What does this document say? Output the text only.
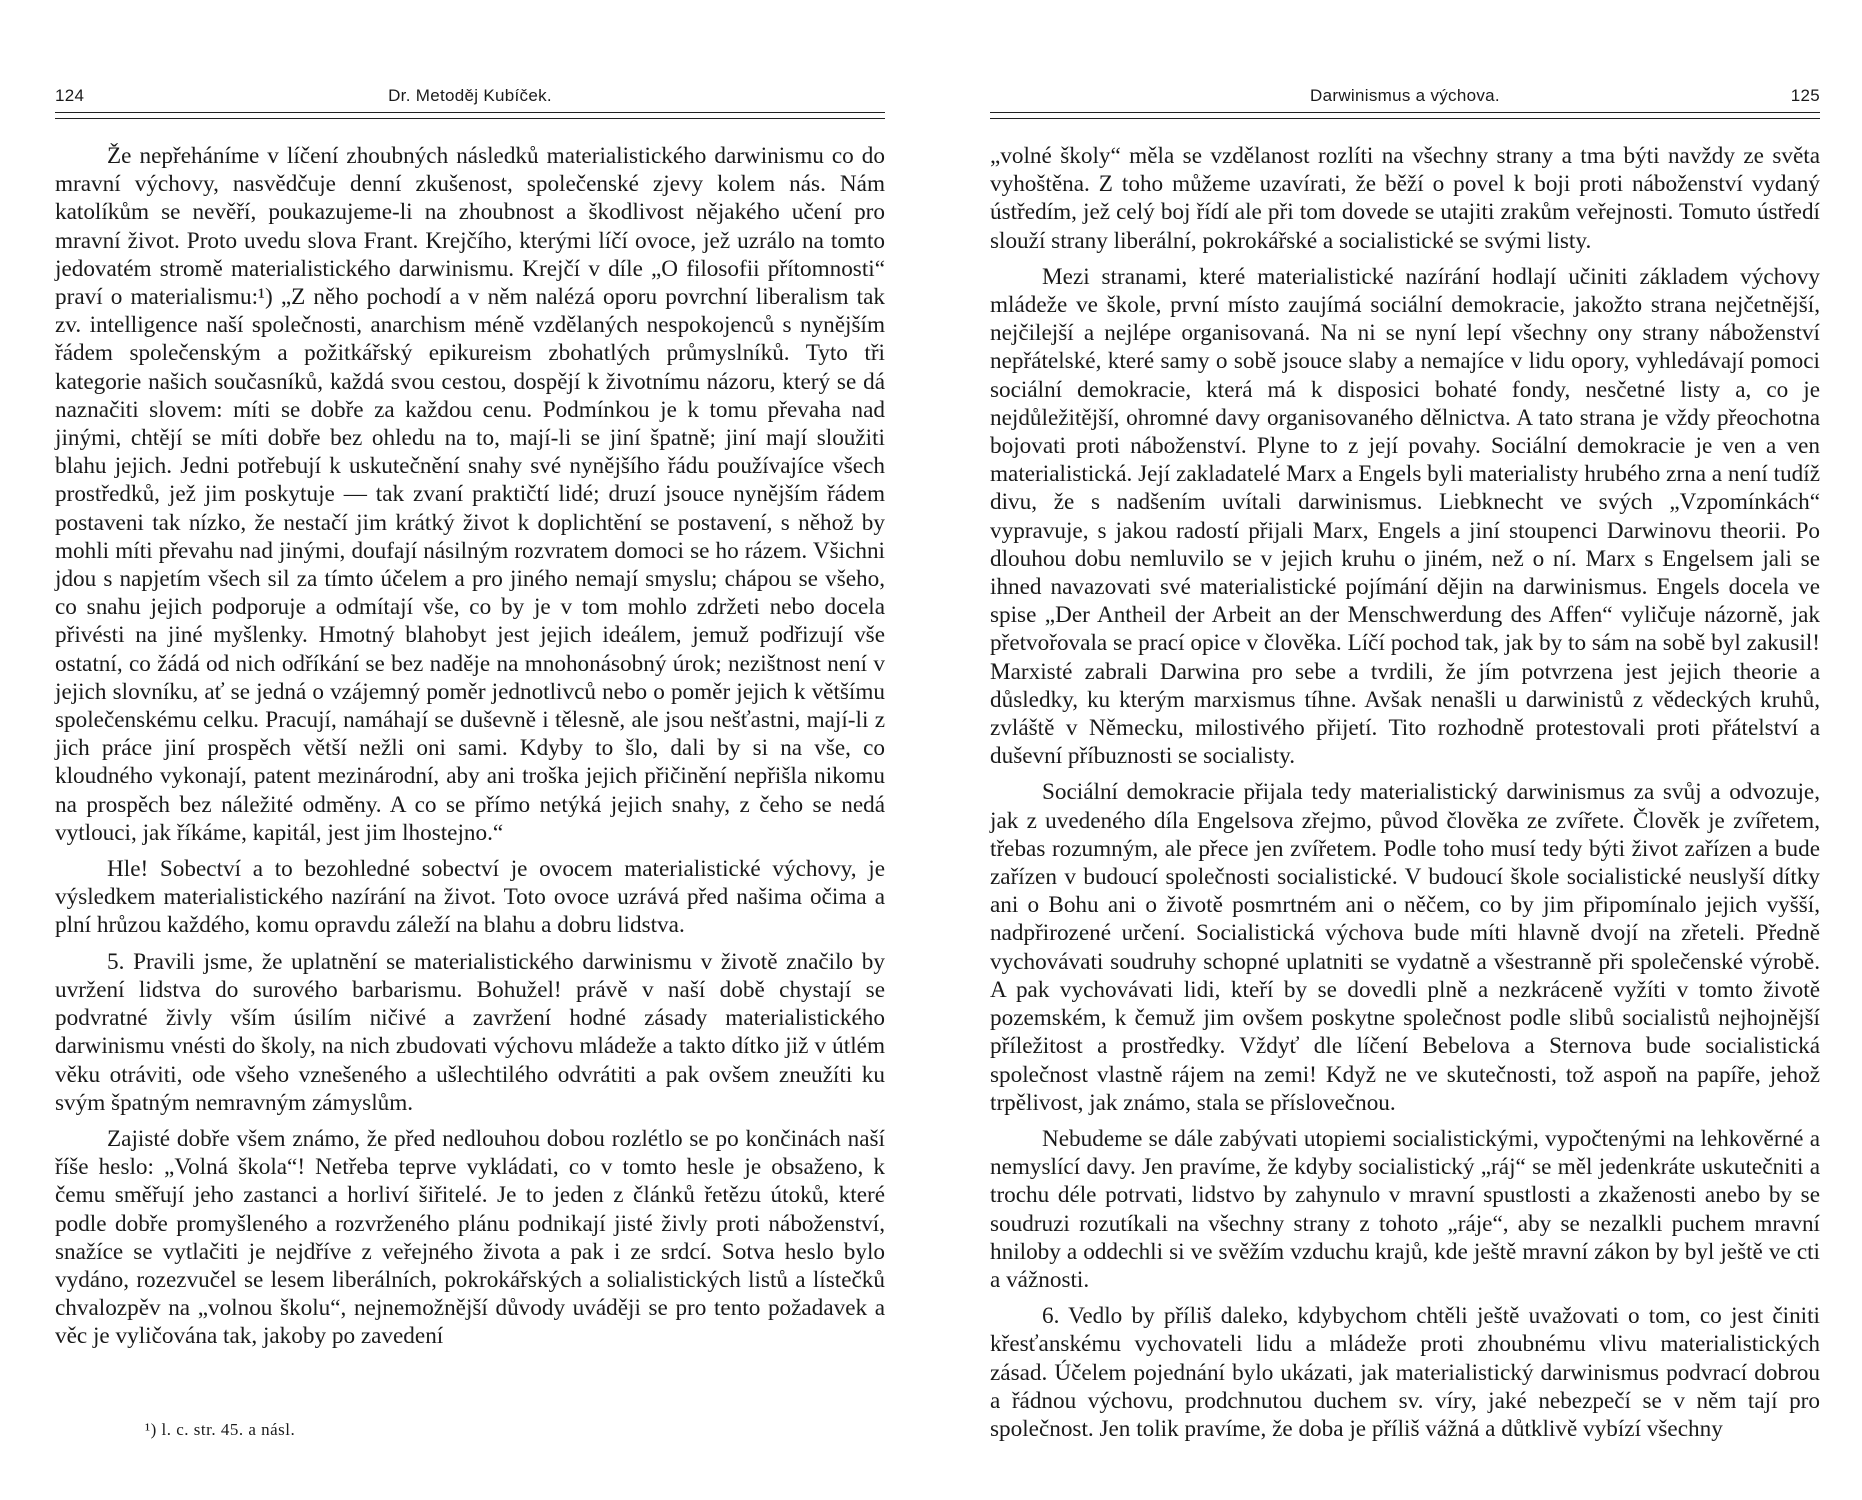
124	Dr. Metoděj Kubíček.

Že nepřeháníme v líčení zhoubných následků materialistického darwinismu co do mravní výchovy, nasvědčuje denní zkušenost, společenské zjevy kolem nás. Nám katolíkům se nevěří, poukazujeme-li na zhoubnost a škodlivost nějakého učení pro mravní život. Proto uvedu slova Frant. Krejčího, kterými líčí ovoce, jež uzrálo na tomto jedovatém stromě materialistického darwinismu. Krejčí v díle „O filosofii přítomnosti“ praví o materialismu:¹) „Z něho pochodí a v něm nalézá oporu povrchní liberalism tak zv. intelligence naší společnosti, anarchism méně vzdělaných nespokojenců s nynějším řádem společenským a požitkářský epikureism zbohatlých průmyslníků. Tyto tři kategorie našich současníků, každá svou cestou, dospějí k životnímu názoru, který se dá naznačiti slovem: míti se dobře za každou cenu. Podmínkou je k tomu převaha nad jinými, chtějí se míti dobře bez ohledu na to, mají-li se jiní špatně; jiní mají sloužiti blahu jejich. Jedni potřebují k uskutečnění snahy své nynějšího řádu používajíce všech prostředků, jež jim poskytuje — tak zvaní praktičtí lidé; druzí jsouce nynějším řádem postaveni tak nízko, že nestačí jim krátký život k doplichtění se postavení, s něhož by mohli míti převahu nad jinými, doufají násilným rozvratem domoci se ho rázem. Všichni jdou s napjetím všech sil za tímto účelem a pro jiného nemají smyslu; chápou se všeho, co snahu jejich podporuje a odmítají vše, co by je v tom mohlo zdržeti nebo docela přivésti na jiné myšlenky. Hmotný blahobyt jest jejich ideálem, jemuž podřizují vše ostatní, co žádá od nich odříkání se bez naděje na mnohonásobný úrok; nezištnost není v jejich slovníku, ať se jedná o vzájemný poměr jednotlivců nebo o poměr jejich k většímu společenskému celku. Pracují, namáhají se duševně i tělesně, ale jsou nešťastni, mají-li z jich práce jiní prospěch větší nežli oni sami. Kdyby to šlo, dali by si na vše, co kloudného vykonají, patent mezinárodní, aby ani troška jejich přičinění nepřišla nikomu na prospěch bez náležité odměny. A co se přímo netýká jejich snahy, z čeho se nedá vytlouci, jak říkáme, kapitál, jest jim lhostejno.“

Hle! Sobectví a to bezohledné sobectví je ovocem materialistické výchovy, je výsledkem materialistického nazírání na život. Toto ovoce uzrává před našima očima a plní hrůzou každého, komu opravdu záleží na blahu a dobru lidstva.

5. Pravili jsme, že uplatnění se materialistického darwinismu v životě značilo by uvržení lidstva do surového barbarismu. Bohužel! právě v naší době chystají se podvratné živly vším úsilím ničivé a zavržení hodné zásady materialistického darwinismu vnésti do školy, na nich zbudovati výchovu mládeže a takto dítko již v útlém věku otráviti, ode všeho vznešeného a ušlechtilého odvrátiti a pak ovšem zneužíti ku svým špatným nemravným zámyslům.

Zajisté dobře všem známo, že před nedlouhou dobou rozlétlo se po končinách naší říše heslo: „Volná škola“! Netřeba teprve vykládati, co v tomto hesle je obsaženo, k čemu směřují jeho zastanci a horliví šiřitelé. Je to jeden z článků řetězu útoků, které podle dobře promyšleného a rozvrženého plánu podnikají jisté živly proti náboženství, snažíce se vytlačiti je nejdříve z veřejného života a pak i ze srdcí. Sotva heslo bylo vydáno, rozezvučel se lesem liberálních, pokrokářských a solialistických listů a lístečků chvalozpěv na „volnou školu“, nejnemožnější důvody uváději se pro tento požadavek a věc je vyličována tak, jakoby po zavedení

¹) l. c. str. 45. a násl.
Darwinismus a výchova.	125

„volné školy“ měla se vzdělanost rozlíti na všechny strany a tma býti navždy ze světa vyhoštěna. Z toho můžeme uzavírati, že běží o povel k boji proti náboženství vydaný ústředím, jež celý boj řídí ale při tom dovede se utajiti zrakům veřejnosti. Tomuto ústředí slouží strany liberální, pokrokářské a socialistické se svými listy.

Mezi stranami, které materialistické nazírání hodlají učiniti základem výchovy mládeže ve škole, první místo zaujímá sociální demokracie, jakožto strana nejčetnější, nejčilejší a nejlépe organisovaná. Na ni se nyní lepí všechny ony strany náboženství nepřátelské, které samy o sobě jsouce slaby a nemajíce v lidu opory, vyhledávají pomoci sociální demokracie, která má k disposici bohaté fondy, nesčetné listy a, co je nejdůležitější, ohromné davy organisovaného dělnictva. A tato strana je vždy přeochotna bojovati proti náboženství. Plyne to z její povahy. Sociální demokracie je ven a ven materialistická. Její zakladatelé Marx a Engels byli materialisty hrubého zrna a není tudíž divu, že s nadšením uvítali darwinismus. Liebknecht ve svých „Vzpomínkách“ vypravuje, s jakou radostí přijali Marx, Engels a jiní stoupenci Darwinovu theorii. Po dlouhou dobu nemluvilo se v jejich kruhu o jiném, než o ní. Marx s Engelsem jali se ihned navazovati své materialistické pojímání dějin na darwinismus. Engels docela ve spise „Der Antheil der Arbeit an der Menschwerdung des Affen“ vyličuje názorně, jak přetvořovala se prací opice v člověka. Líčí pochod tak, jak by to sám na sobě byl zakusil! Marxisté zabrali Darwina pro sebe a tvrdili, že jím potvrzena jest jejich theorie a důsledky, ku kterým marxismus tíhne. Avšak nenašli u darwinistů z vědeckých kruhů, zvláště v Německu, milostivého přijetí. Tito rozhodně protestovali proti přátelství a duševní příbuznosti se socialisty.

Sociální demokracie přijala tedy materialistický darwinismus za svůj a odvozuje, jak z uvedeného díla Engelsova zřejmo, původ člověka ze zvířete. Člověk je zvířetem, třebas rozumným, ale přece jen zvířetem. Podle toho musí tedy býti život zařízen a bude zařízen v budoucí společnosti socialistické. V budoucí škole socialistické neuslyší dítky ani o Bohu ani o životě posmrtném ani o něčem, co by jim připomínalo jejich vyšší, nadpřirozené určení. Socialistická výchova bude míti hlavně dvojí na zřeteli. Předně vychovávati soudruhy schopné uplatniti se vydatně a všestranně při společenské výrobě. A pak vychovávati lidi, kteří by se dovedli plně a nezkráceně vyžíti v tomto životě pozemském, k čemuž jim ovšem poskytne společnost podle slibů socialistů nejhojnější příležitost a prostředky. Vždyť dle líčení Bebelova a Sternova bude socialistická společnost vlastně rájem na zemi! Když ne ve skutečnosti, tož aspoň na papíře, jehož trpělivost, jak známo, stala se příslovečnou.

Nebudeme se dále zabývati utopiemi socialistickými, vypočtenými na lehkověrné a nemyslící davy. Jen pravíme, že kdyby socialistický „ráj“ se měl jedenkráte uskutečniti a trochu déle potrvati, lidstvo by zahynulo v mravní spustlosti a zkaženosti anebo by se soudruzi rozutíkali na všechny strany z tohoto „ráje“, aby se nezalkli puchem mravní hniloby a oddechli si ve svěžím vzduchu krajů, kde ještě mravní zákon by byl ještě ve cti a vážnosti.

6. Vedlo by příliš daleko, kdybychom chtěli ještě uvažovati o tom, co jest činiti křesťanskému vychovateli lidu a mládeže proti zhoubnému vlivu materialistických zásad. Účelem pojednání bylo ukázati, jak materialistický darwinismus podvrací dobrou a řádnou výchovu, prodchnutou duchem sv. víry, jaké nebezpečí se v něm tají pro společnost. Jen tolik pravíme, že doba je příliš vážná a důtklivě vybízí všechny
